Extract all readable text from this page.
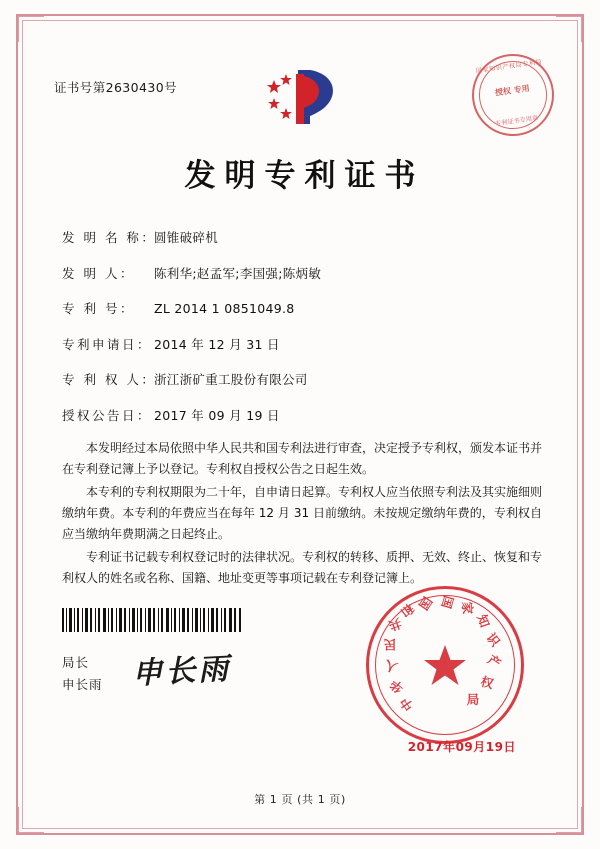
证书号第2630430号
国家知识产权局专利局
授权 专用
专利证书专用章
发明专利证书
发 明 名 称：
圆锥破碎机
发 明 人：	陈利华;赵孟军;李国强;陈炳敏
专 利 号：	ZL 2014 1 0851049.8
专利申请日： 2014 年 12 月 31 日
专 利 权 人：
浙江浙矿重工股份有限公司
授权公告日： 2017 年 09 月 19 日

本发明经过本局依照中华人民共和国专利法进行审查，决定授予专利权，颁发本证书并在专利登记簿上予以登记。专利权自授权公告之日起生效。

本专利的专利权期限为二十年，自申请日起算。专利权人应当依照专利法及其实施细则缴纳年费。本专利的年费应当在每年 12 月 31 日前缴纳。未按规定缴纳年费的，专利权自应当缴纳年费期满之日起终止。

专利证书记载专利权登记时的法律状况。专利权的转移、质押、无效、终止、恢复和专利权人的姓名或名称、国籍、地址变更等事项记载在专利登记簿上。

局长
申长雨 申长雨
中
华
人
民
共
和
国 国 家
知
识
产
权
局
2017年09月19日
第 1 页 (共 1 页)
